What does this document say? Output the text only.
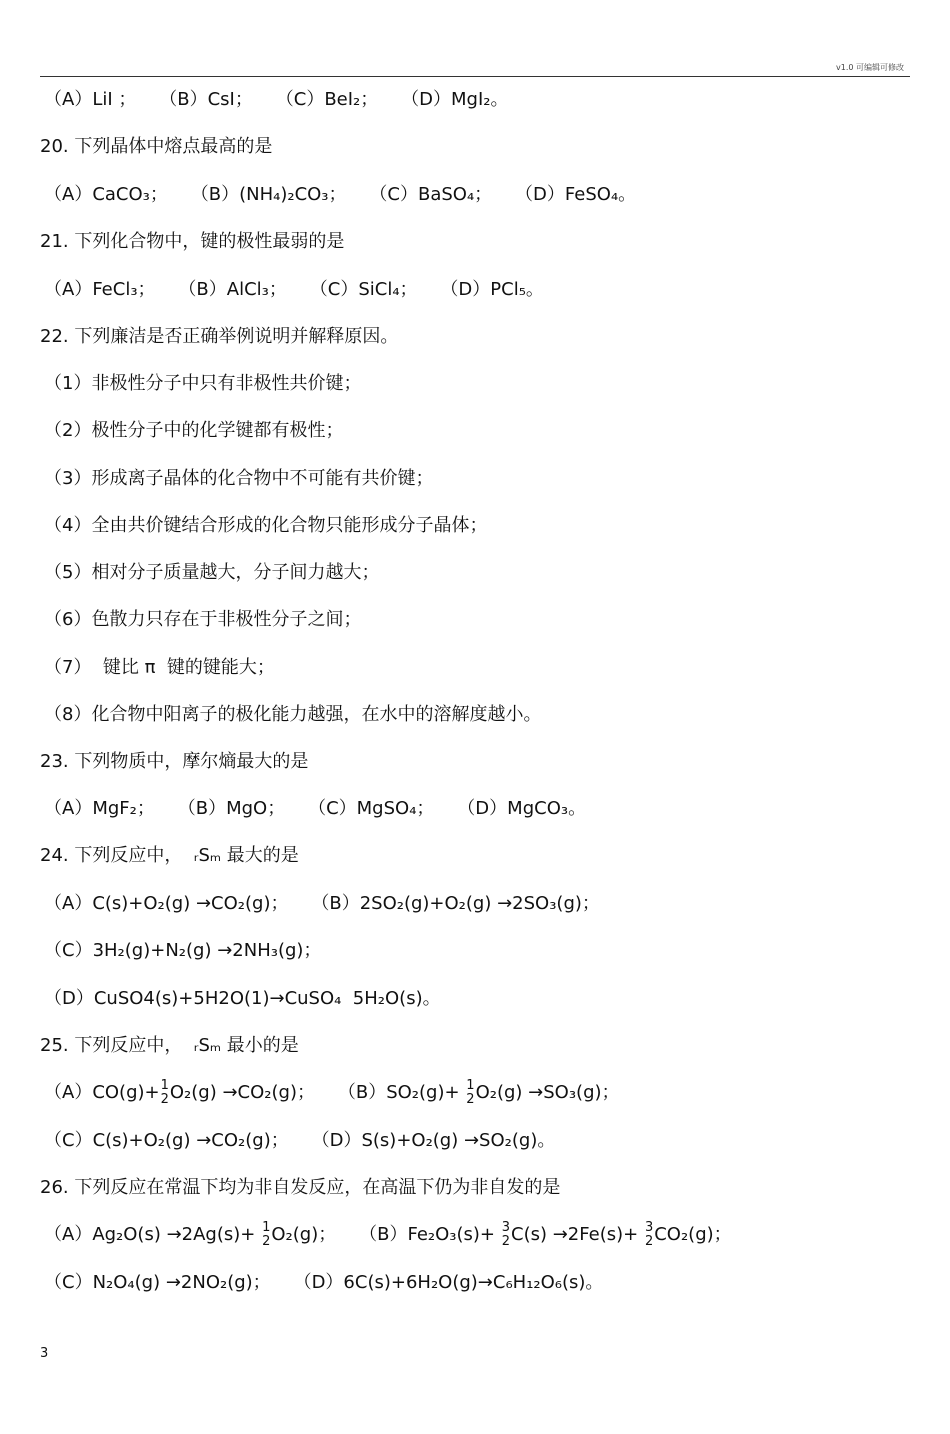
v1.0 可编辑可修改
（A）LiI ；    （B）CsI；    （C）BeI₂；    （D）MgI₂。
20. 下列晶体中熔点最高的是
（A）CaCO₃；    （B）(NH₄)₂CO₃；    （C）BaSO₄；    （D）FeSO₄。
21. 下列化合物中，键的极性最弱的是
（A）FeCl₃；    （B）AlCl₃；    （C）SiCl₄；    （D）PCl₅。
22. 下列廉洁是否正确举例说明并解释原因。
（1）非极性分子中只有非极性共价键；
（2）极性分子中的化学键都有极性；
（3）形成离子晶体的化合物中不可能有共价键；
（4）全由共价键结合形成的化合物只能形成分子晶体；
（5）相对分子质量越大，分子间力越大；
（6）色散力只存在于非极性分子之间；
（7）  键比 π  键的键能大；
（8）化合物中阳离子的极化能力越强，在水中的溶解度越小。
23. 下列物质中，摩尔熵最大的是
（A）MgF₂；    （B）MgO；    （C）MgSO₄；    （D）MgCO₃。
24. 下列反应中，  ᵣSₘ 最大的是
（A）C(s)+O₂(g) →CO₂(g)；    （B）2SO₂(g)+O₂(g) →2SO₃(g)；
（C）3H₂(g)+N₂(g) →2NH₃(g)；
（D）CuSO4(s)+5H2O(1)→CuSO₄  5H₂O(s)。
25. 下列反应中，  ᵣSₘ 最小的是
（A）CO(g)+ 1
2 O₂(g) →CO₂(g)；    （B）SO₂(g)+ 1
2 O₂(g) →SO₃(g)；
（C）C(s)+O₂(g) →CO₂(g)；    （D）S(s)+O₂(g) →SO₂(g)。
26. 下列反应在常温下均为非自发反应，在高温下仍为非自发的是
（A）Ag₂O(s) →2Ag(s)+ 1
2 O₂(g)；    （B）Fe₂O₃(s)+ 3
2 C(s) →2Fe(s)+ 3
2 CO₂(g)；
（C）N₂O₄(g) →2NO₂(g)；    （D）6C(s)+6H₂O(g)→C₆H₁₂O₆(s)。
3
